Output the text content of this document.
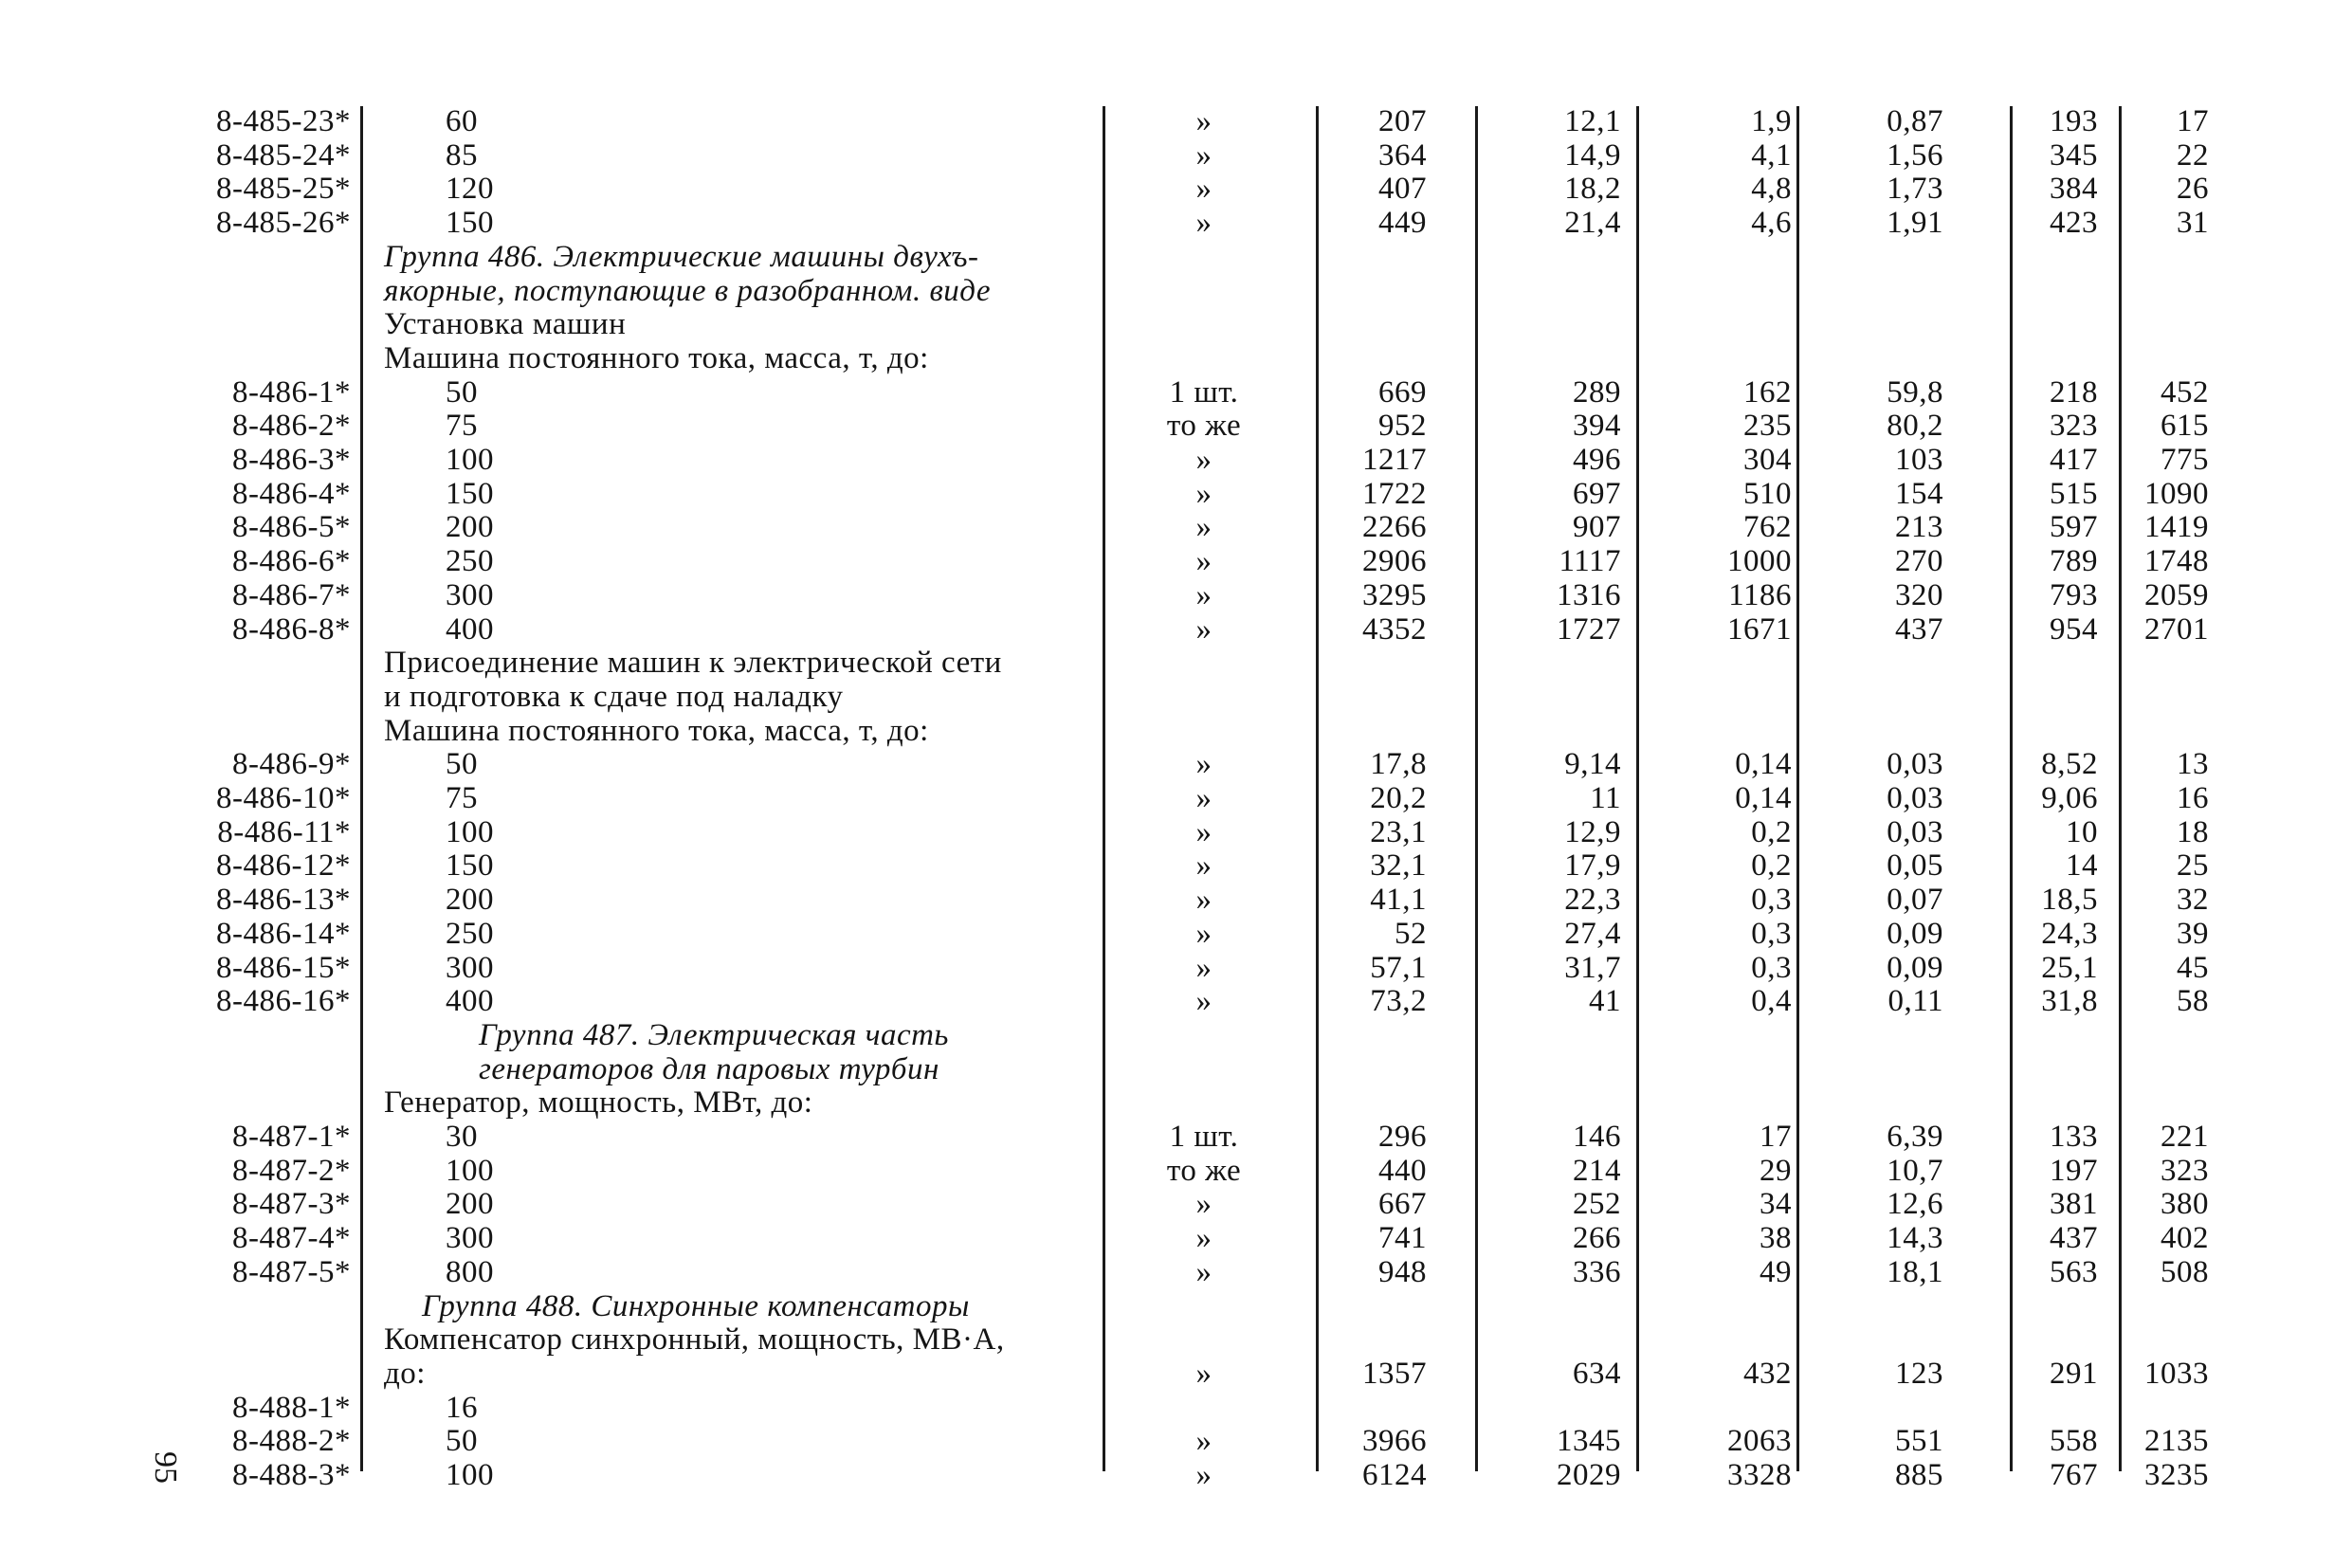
95
8-485-23*	60	»	207	12,1	1,9	0,87	193	17
8-485-24*	85	»	364	14,9	4,1	1,56	345	22
8-485-25*	120	»	407	18,2	4,8	1,73	384	26
8-485-26*	150	»	449	21,4	4,6	1,91	423	31
Группа 486. Электрические машины двухъ-
якорные, поступающие в разобранном. виде
Установка машин
Машина постоянного тока, масса, т, до:
8-486-1*	50	1 шт.	669	289	162	59,8	218	452
8-486-2*	75	то же	952	394	235	80,2	323	615
8-486-3*	100	»	1217	496	304	103	417	775
8-486-4*	150	»	1722	697	510	154	515	1090
8-486-5*	200	»	2266	907	762	213	597	1419
8-486-6*	250	»	2906	1117	1000	270	789	1748
8-486-7*	300	»	3295	1316	1186	320	793	2059
8-486-8*	400	»	4352	1727	1671	437	954	2701
Присоединение машин к электрической сети
и подготовка к сдаче под наладку
Машина постоянного тока, масса, т, до:
8-486-9*	50	»	17,8	9,14	0,14	0,03	8,52	13
8-486-10*	75	»	20,2	11	0,14	0,03	9,06	16
8-486-11*	100	»	23,1	12,9	0,2	0,03	10	18
8-486-12*	150	»	32,1	17,9	0,2	0,05	14	25
8-486-13*	200	»	41,1	22,3	0,3	0,07	18,5	32
8-486-14*	250	»	52	27,4	0,3	0,09	24,3	39
8-486-15*	300	»	57,1	31,7	0,3	0,09	25,1	45
8-486-16*	400	»	73,2	41	0,4	0,11	31,8	58
Группа 487. Электрическая часть
генераторов для паровых турбин
Генератор, мощность, МВт, до:
8-487-1*	30	1 шт.	296	146	17	6,39	133	221
8-487-2*	100	то же	440	214	29	10,7	197	323
8-487-3*	200	»	667	252	34	12,6	381	380
8-487-4*	300	»	741	266	38	14,3	437	402
8-487-5*	800	»	948	336	49	18,1	563	508
Группа 488. Синхронные компенсаторы
Компенсатор синхронный, мощность, МВ·А,
до:	»	1357	634	432	123	291	1033
8-488-1*	16
8-488-2*	50	»	3966	1345	2063	551	558	2135
8-488-3*	100	»	6124	2029	3328	885	767	3235
